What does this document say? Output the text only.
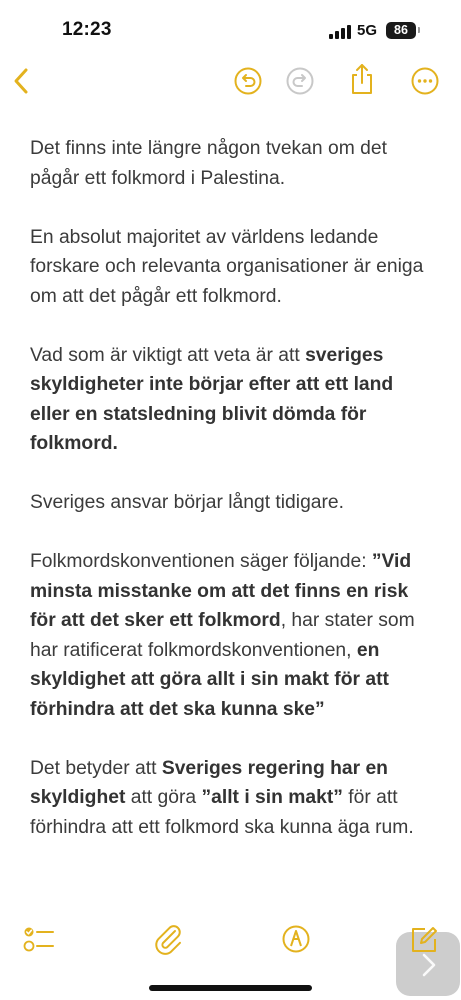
12:23	5G	86

Det finns inte längre någon tvekan om det pågår ett folkmord i Palestina.

En absolut majoritet av världens ledande forskare och relevanta organisationer är eniga om att det pågår ett folkmord.

Vad som är viktigt att veta är att sveriges skyldigheter inte börjar efter att ett land eller en statsledning blivit dömda för folkmord.

Sveriges ansvar börjar långt tidigare.

Folkmordskonventionen säger följande: ”Vid minsta misstanke om att det finns en risk för att det sker ett folkmord, har stater som har ratificerat folkmordskonventionen, en skyldighet att göra allt i sin makt för att förhindra att det ska kunna ske”

Det betyder att Sveriges regering har en skyldighet att göra ”allt i sin makt” för att förhindra att ett folkmord ska kunna äga rum.
